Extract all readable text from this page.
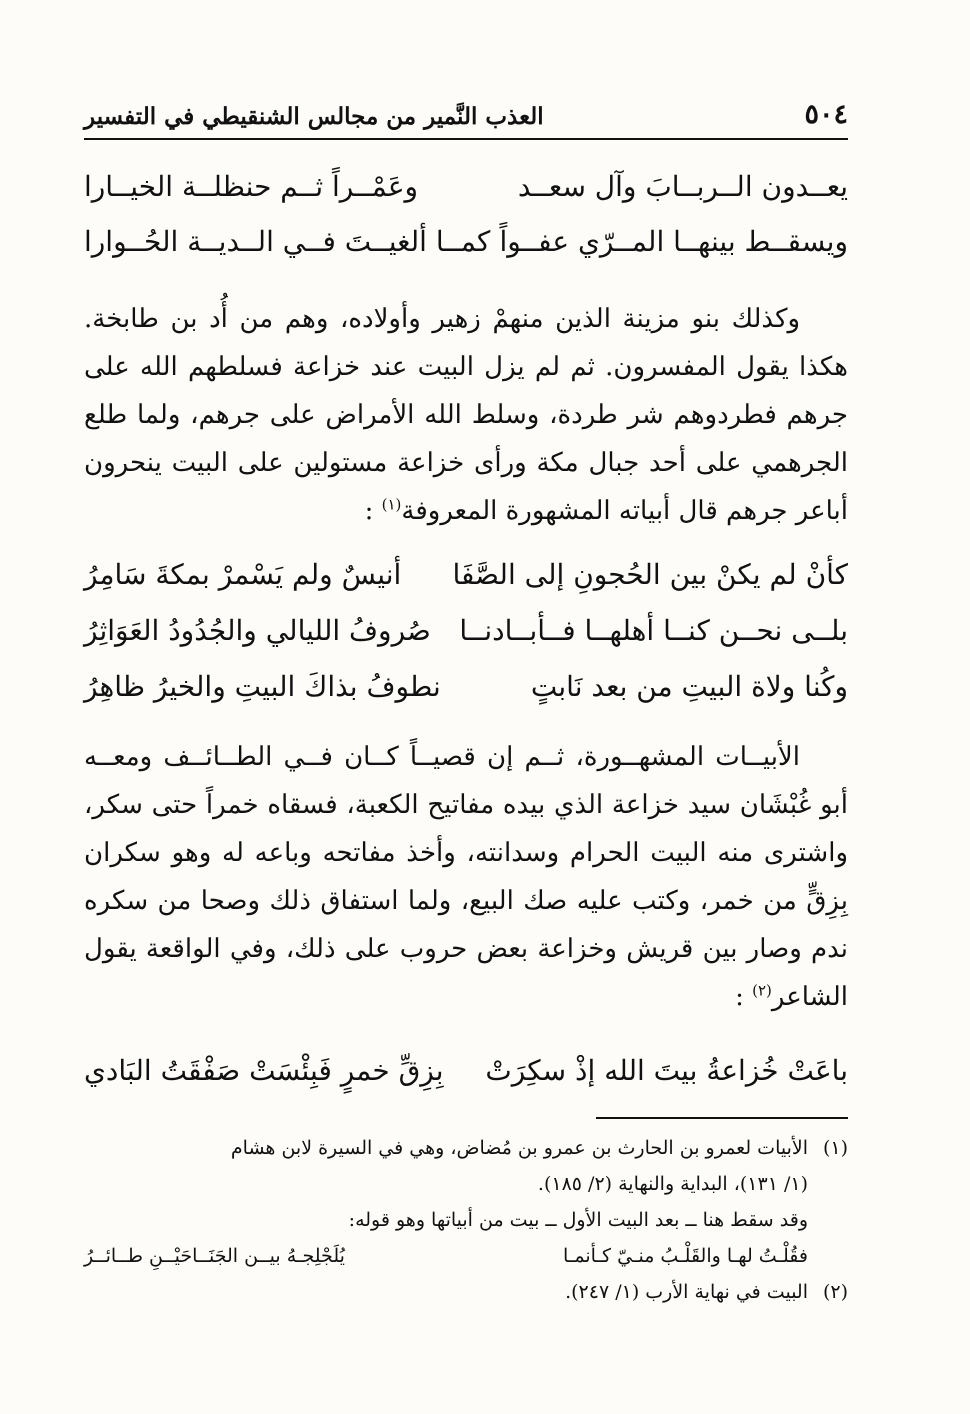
٥٠٤
العذب النَّمير من مجالس الشنقيطي في التفسير
يعــدون الــربــابَ وآل سعــد
وعَمْــراً ثــم حنظلــة الخيــارا
ويسقــط بينهــا المــرّي عفــواً
كمــا ألغيــتَ فــي الــديــة الحُــوارا

وكذلك بنو مزينة الذين منهمْ زهير وأولاده، وهم من أُد بن طابخة. هكذا يقول المفسرون. ثم لم يزل البيت عند خزاعة فسلطهم الله على جرهم فطردوهم شر طردة، وسلط الله الأمراض على جرهم، ولما طلع الجرهمي على أحد جبال مكة ورأى خزاعة مستولين على البيت ينحرون أباعر جرهم قال أبياته المشهورة المعروفة$^{(١)}$ :

كأنْ لم يكنْ بين الحُجونِ إلى الصَّفَا
أنيسٌ ولم يَسْمرْ بمكةَ سَامِرُ
بلــى نحــن كنــا أهلهــا فــأبــادنــا
صُروفُ الليالي والجُدُودُ العَوَاثِرُ
وكُنا ولاة البيتِ من بعد نَابتٍ
نطوفُ بذاكَ البيتِ والخيرُ ظاهِرُ

الأبيــات المشهــورة، ثــم إن قصيــاً كــان فــي الطــائــف ومعــه أبو غُبْشَان سيد خزاعة الذي بيده مفاتيح الكعبة، فسقاه خمراً حتى سكر، واشترى منه البيت الحرام وسدانته، وأخذ مفاتحه وباعه له وهو سكران بِزِقٍّ من خمر، وكتب عليه صك البيع، ولما استفاق ذلك وصحا من سكره ندم وصار بين قريش وخزاعة بعض حروب على ذلك، وفي الواقعة يقول الشاعر$^{(٢)}$ :

باعَتْ خُزاعةُ بيتَ الله إذْ سكِرَتْ
بِزِقِّ خمرٍ فَبِئْسَتْ صَفْقَتُ البَادي
(١)الأبيات لعمرو بن الحارث بن عمرو بن مُضاض، وهي في السيرة لابن هشام
(١/ ١٣١)، البداية والنهاية (٢/ ١٨٥).
وقد سقط هنا ــ بعد البيت الأول ــ بيت من أبياتها وهو قوله:
فقُلْـتُ لهـا والقَلْـبُ منـيّ كـأنمـا
يُلَجْلِجـهُ بيــن الجَنَــاحَيْــنِ طــائــرُ
(٢)البيت في نهاية الأرب (١/ ٢٤٧).
